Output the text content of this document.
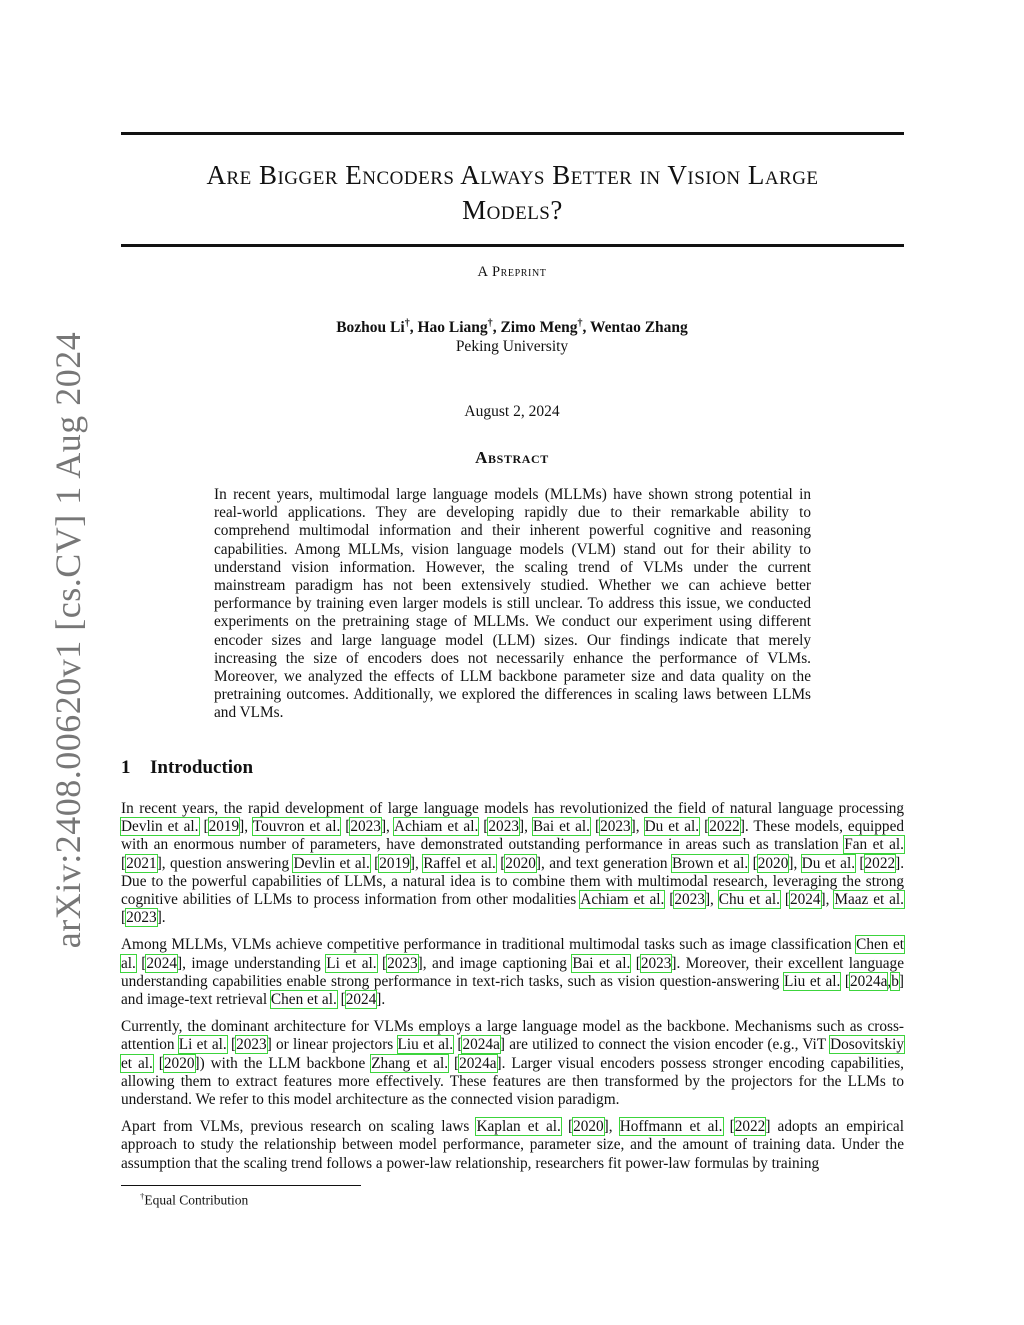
arXiv:2408.00620v1 [cs.CV] 1 Aug 2024
Are Bigger Encoders Always Better in Vision Large
Models?
A Preprint
Bozhou Li†, Hao Liang†, Zimo Meng†, Wentao Zhang
Peking University
August 2, 2024
Abstract

In recent years, multimodal large language models (MLLMs) have shown strong potential in real-world applications. They are developing rapidly due to their remarkable ability to comprehend multimodal information and their inherent powerful cognitive and reasoning capabilities. Among MLLMs, vision language models (VLM) stand out for their ability to understand vision information. However, the scaling trend of VLMs under the current mainstream paradigm has not been extensively studied. Whether we can achieve better performance by training even larger models is still unclear. To address this issue, we conducted experiments on the pretraining stage of MLLMs. We conduct our experiment using different encoder sizes and large language model (LLM) sizes. Our findings indicate that merely increasing the size of encoders does not necessarily enhance the performance of VLMs. Moreover, we analyzed the effects of LLM backbone parameter size and data quality on the pretraining outcomes. Additionally, we explored the differences in scaling laws between LLMs and VLMs.

1 Introduction

In recent years, the rapid development of large language models has revolutionized the field of natural language processing Devlin et al. [2019], Touvron et al. [2023], Achiam et al. [2023], Bai et al. [2023], Du et al. [2022]. These models, equipped with an enormous number of parameters, have demonstrated outstanding performance in areas such as translation Fan et al. [2021], question answering Devlin et al. [2019], Raffel et al. [2020], and text generation Brown et al. [2020], Du et al. [2022]. Due to the powerful capabilities of LLMs, a natural idea is to combine them with multimodal research, leveraging the strong cognitive abilities of LLMs to process information from other modalities Achiam et al. [2023], Chu et al. [2024], Maaz et al. [2023].

Among MLLMs, VLMs achieve competitive performance in traditional multimodal tasks such as image classification Chen et al. [2024], image understanding Li et al. [2023], and image captioning Bai et al. [2023]. Moreover, their excellent language understanding capabilities enable strong performance in text-rich tasks, such as vision question-answering Liu et al. [2024a,b] and image-text retrieval Chen et al. [2024].

Currently, the dominant architecture for VLMs employs a large language model as the backbone. Mechanisms such as cross-attention Li et al. [2023] or linear projectors Liu et al. [2024a] are utilized to connect the vision encoder (e.g., ViT Dosovitskiy et al. [2020]) with the LLM backbone Zhang et al. [2024a]. Larger visual encoders possess stronger encoding capabilities, allowing them to extract features more effectively. These features are then transformed by the projectors for the LLMs to understand. We refer to this model architecture as the connected vision paradigm.

Apart from VLMs, previous research on scaling laws Kaplan et al. [2020], Hoffmann et al. [2022] adopts an empirical approach to study the relationship between model performance, parameter size, and the amount of training data. Under the assumption that the scaling trend follows a power-law relationship, researchers fit power-law formulas by training

†Equal Contribution
